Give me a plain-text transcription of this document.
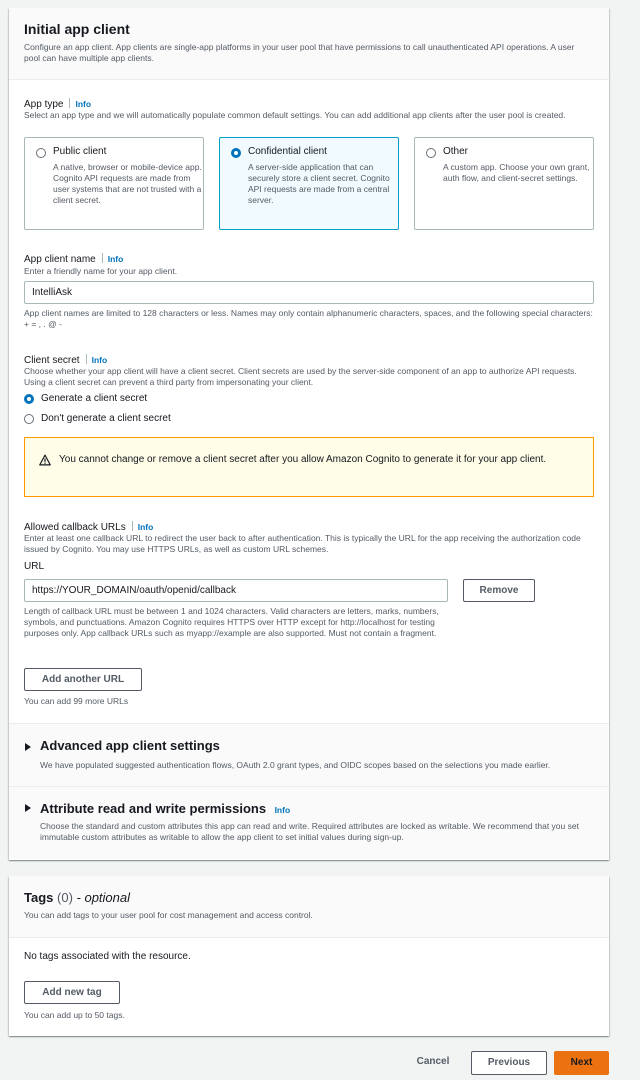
Initial app client
Configure an app client. App clients are single-app platforms in your user pool that have permissions to call unauthenticated API operations. A user pool can have multiple app clients.
App type Info
Select an app type and we will automatically populate common default settings. You can add additional app clients after the user pool is created.
Public client
A native, browser or mobile-device app. Cognito API requests are made from user systems that are not trusted with a client secret.
Confidential client
A server-side application that can securely store a client secret. Cognito API requests are made from a central server.
Other
A custom app. Choose your own grant, auth flow, and client-secret settings.
App client name Info
Enter a friendly name for your app client.
IntelliAsk
App client names are limited to 128 characters or less. Names may only contain alphanumeric characters, spaces, and the following special characters: + = , . @ -
Client secret Info
Choose whether your app client will have a client secret. Client secrets are used by the server-side component of an app to authorize API requests. Using a client secret can prevent a third party from impersonating your client.
Generate a client secret
Don't generate a client secret
You cannot change or remove a client secret after you allow Amazon Cognito to generate it for your app client.
Allowed callback URLs Info
Enter at least one callback URL to redirect the user back to after authentication. This is typically the URL for the app receiving the authorization code issued by Cognito. You may use HTTPS URLs, as well as custom URL schemes.
URL
https://YOUR_DOMAIN/oauth/openid/callback	Remove
Length of callback URL must be between 1 and 1024 characters. Valid characters are letters, marks, numbers, symbols, and punctuations. Amazon Cognito requires HTTPS over HTTP except for http://localhost for testing purposes only. App callback URLs such as myapp://example are also supported. Must not contain a fragment.
Add another URL
You can add 99 more URLs
Advanced app client settings
We have populated suggested authentication flows, OAuth 2.0 grant types, and OIDC scopes based on the selections you made earlier.
Attribute read and write permissions Info
Choose the standard and custom attributes this app can read and write. Required attributes are locked as writable. We recommend that you set immutable custom attributes as writable to allow the app client to set initial values during sign-up.
Tags (0) - optional
You can add tags to your user pool for cost management and access control.
No tags associated with the resource.
Add new tag
You can add up to 50 tags.
Cancel	Previous	Next
